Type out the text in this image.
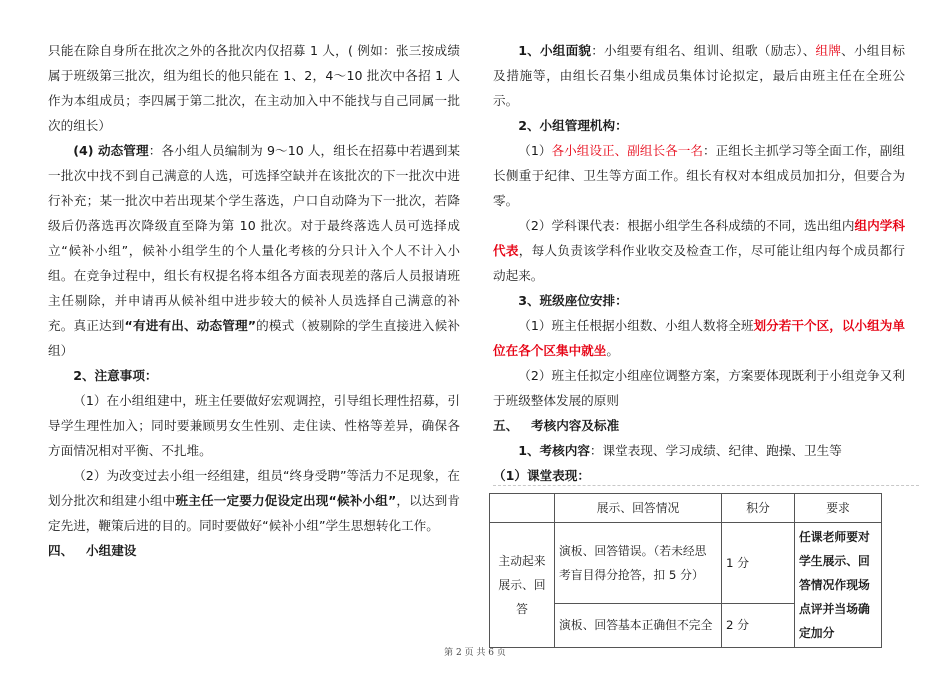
只能在除自身所在批次之外的各批次内仅招募 1 人，( 例如：张三按成绩属于班级第三批次，组为组长的他只能在 1、2，4～10 批次中各招 1 人作为本组成员；李四属于第二批次，在主动加入中不能找与自己同属一批次的组长）

(4) 动态管理：各小组人员编制为 9～10 人，组长在招募中若遇到某一批次中找不到自己满意的人选，可选择空缺并在该批次的下一批次中进行补充；某一批次中若出现某个学生落选，户口自动降为下一批次，若降级后仍落选再次降级直至降为第 10 批次。对于最终落选人员可选择成立“候补小组”，候补小组学生的个人量化考核的分只计入个人不计入小组。在竞争过程中，组长有权提名将本组各方面表现差的落后人员报请班主任剔除，并申请再从候补组中进步较大的候补人员选择自己满意的补充。真正达到“有进有出、动态管理”的模式（被剔除的学生直接进入候补组）

2、注意事项：

（1）在小组组建中，班主任要做好宏观调控，引导组长理性招募，引导学生理性加入；同时要兼顾男女生性别、走住读、性格等差异，确保各方面情况相对平衡、不扎堆。

（2）为改变过去小组一经组建，组员“终身受聘”等活力不足现象，在划分批次和组建小组中班主任一定要力促设定出现“候补小组”，以达到肯定先进，鞭策后进的目的。同时要做好“候补小组”学生思想转化工作。

四、 小组建设

1、小组面貌：小组要有组名、组训、组歌（励志）、组牌、小组目标及措施等，由组长召集小组成员集体讨论拟定，最后由班主任在全班公示。

2、小组管理机构：

（1）各小组设正、副组长各一名：正组长主抓学习等全面工作，副组长侧重于纪律、卫生等方面工作。组长有权对本组成员加扣分，但要合为零。

（2）学科课代表：根据小组学生各科成绩的不同，选出组内组内学科代表，每人负责该学科作业收交及检查工作，尽可能让组内每个成员都行动起来。

3、班级座位安排：

（1）班主任根据小组数、小组人数将全班划分若干个区，以小组为单位在各个区集中就坐。

（2）班主任拟定小组座位调整方案，方案要体现既利于小组竞争又利于班级整体发展的原则

五、 考核内容及标准

1、考核内容：课堂表现、学习成绩、纪律、跑操、卫生等

（1）课堂表现：

	展示、回答情况	积分	要求
主动起来展示、回答	演板、回答错误。（若未经思考盲目得分抢答，扣 5 分）	1 分	任课老师要对学生展示、回答情况作现场点评并当场确定加分
	演板、回答基本正确但不完全	2 分	
第 2 页 共 6 页
